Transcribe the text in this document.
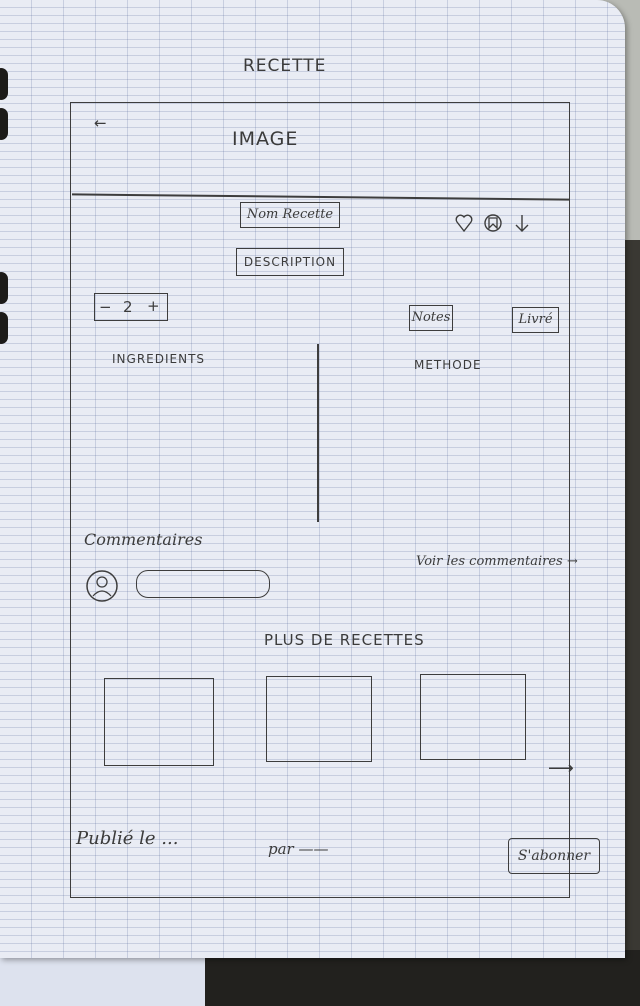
RECETTE
←
IMAGE
Nom Recette
DESCRIPTION
− 2 +
Notes	Livré
INGREDIENTS	METHODE
Commentaires
Voir les commentaires →
PLUS DE RECETTES
⟶
Publié le ...	par ——	S'abonner
